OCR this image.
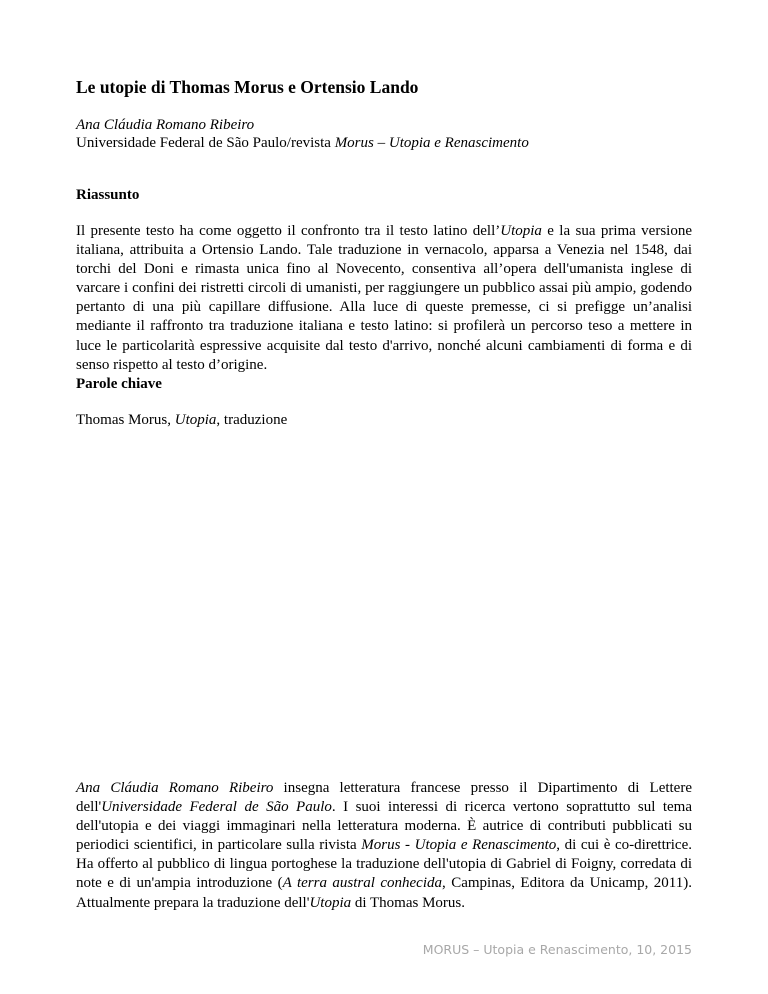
Le utopie di Thomas Morus e Ortensio Lando
Ana Cláudia Romano Ribeiro
Universidade Federal de São Paulo/revista Morus – Utopia e Renascimento
Riassunto

Il presente testo ha come oggetto il confronto tra il testo latino dell’Utopia e la sua prima versione italiana, attribuita a Ortensio Lando. Tale traduzione in vernacolo, apparsa a Venezia nel 1548, dai torchi del Doni e rimasta unica fino al Novecento, consentiva all’opera dell'umanista inglese di varcare i confini dei ristretti circoli di umanisti, per raggiungere un pubblico assai più ampio, godendo pertanto di una più capillare diffusione. Alla luce di queste premesse, ci si prefigge un’analisi mediante il raffronto tra traduzione italiana e testo latino: si profilerà un percorso teso a mettere in luce le particolarità espressive acquisite dal testo d'arrivo, nonché alcuni cambiamenti di forma e di senso rispetto al testo d’origine.

Parole chiave
Thomas Morus, Utopia, traduzione

Ana Cláudia Romano Ribeiro insegna letteratura francese presso il Dipartimento di Lettere dell'Universidade Federal de São Paulo. I suoi interessi di ricerca vertono soprattutto sul tema dell'utopia e dei viaggi immaginari nella letteratura moderna. È autrice di contributi pubblicati su periodici scientifici, in particolare sulla rivista Morus - Utopia e Renascimento, di cui è co-direttrice. Ha offerto al pubblico di lingua portoghese la traduzione dell'utopia di Gabriel di Foigny, corredata di note e di un'ampia introduzione (A terra austral conhecida, Campinas, Editora da Unicamp, 2011). Attualmente prepara la traduzione dell'Utopia di Thomas Morus.

MORUS – Utopia e Renascimento, 10, 2015
